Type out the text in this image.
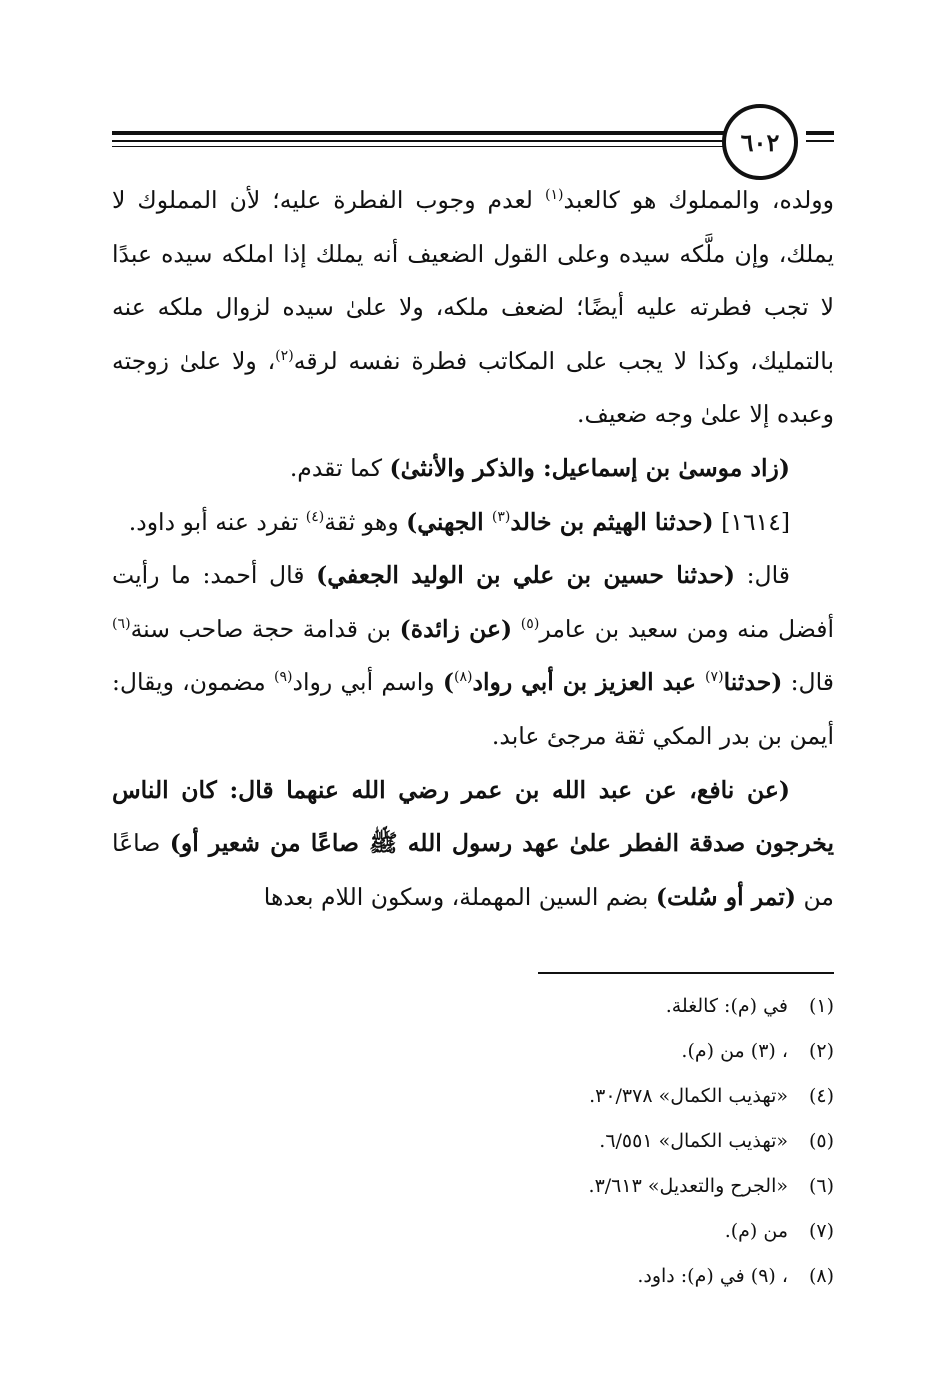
٦٠٢

وولده، والمملوك هو كالعبد$^{(١)}$ لعدم وجوب الفطرة عليه؛ لأن المملوك لا يملك، وإن ملَّكه سيده وعلى القول الضعيف أنه يملك إذا املكه سيده عبدًا لا تجب فطرته عليه أيضًا؛ لضعف ملكه، ولا علىٰ سيده لزوال ملكه عنه بالتمليك، وكذا لا يجب على المكاتب فطرة نفسه لرقه$^{(٢)}$، ولا علىٰ زوجته وعبده إلا علىٰ وجه ضعيف.

(زاد موسىٰ بن إسماعيل: والذكر والأنثىٰ) كما تقدم.

[١٦١٤] (حدثنا الهيثم بن خالد$^{(٣)}$ الجهني) وهو ثقة$^{(٤)}$ تفرد عنه أبو داود.

قال: (حدثنا حسين بن علي بن الوليد الجعفي) قال أحمد: ما رأيت أفضل منه ومن سعيد بن عامر$^{(٥)}$ (عن زائدة) بن قدامة حجة صاحب سنة$^{(٦)}$ قال: (حدثنا$^{(٧)}$ عبد العزيز بن أبي رواد$^{(٨)}$) واسم أبي رواد$^{(٩)}$ مضمون، ويقال: أيمن بن بدر المكي ثقة مرجئ عابد.

(عن نافع، عن عبد الله بن عمر رضي الله عنهما قال: كان الناس يخرجون صدقة الفطر علىٰ عهد رسول الله ﷺ صاعًا من شعير أو) صاعًا من (تمر أو سُلت) بضم السين المهملة، وسكون اللام بعدها

(١)
في (م): كالغلة.
(٢)
، (٣) من (م).
(٤)
«تهذيب الكمال» ٣٠/٣٧٨.
(٥)
«تهذيب الكمال» ٦/٥٥١.
(٦)
«الجرح والتعديل» ٣/٦١٣.
(٧)
من (م).
(٨)
، (٩) في (م): داود.
